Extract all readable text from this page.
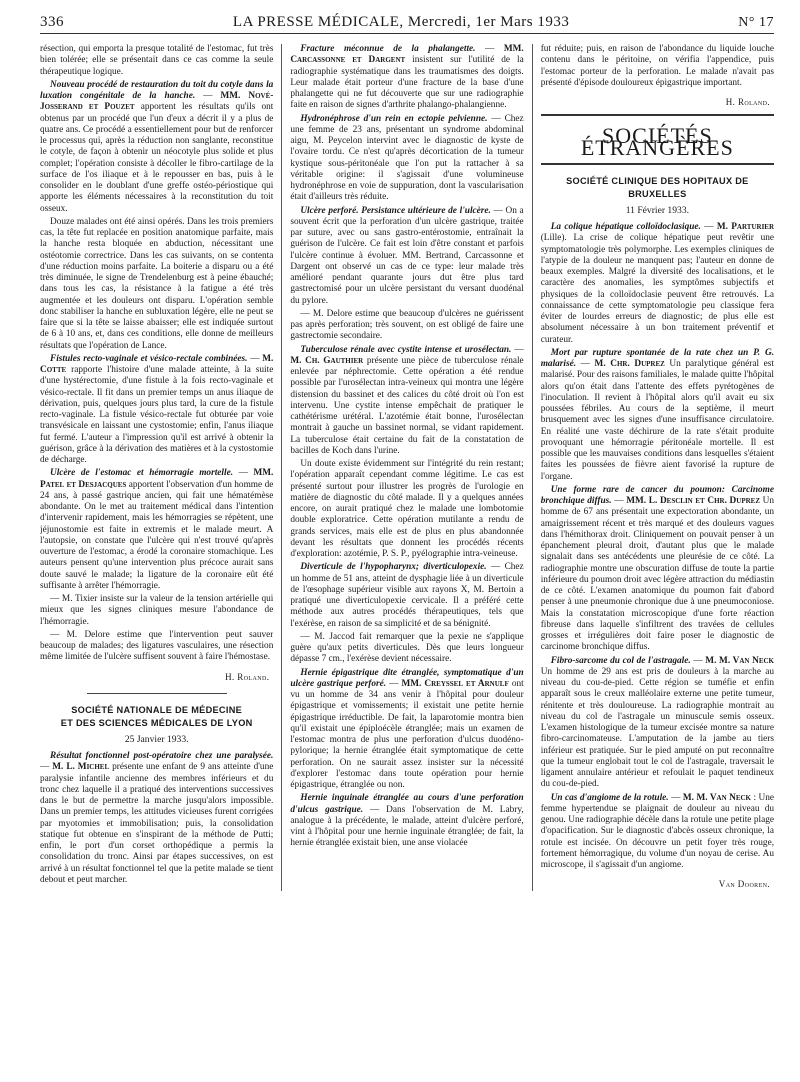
336	LA PRESSE MÉDICALE, Mercredi, 1er Mars 1933	N° 17

résection, qui emporta la presque totalité de l'estomac, fut très bien tolérée; elle se présentait dans ce cas comme la seule thérapeutique logique.

Nouveau procédé de restauration du toit du cotyle dans la luxation congénitale de la hanche. — MM. Nové-Josserand et Pouzet apportent les résultats qu'ils ont obtenus par un procédé que l'un d'eux a décrit il y a plus de quatre ans. Ce procédé a essentiellement pour but de renforcer le processus qui, après la réduction non sanglante, reconstitue le cotyle, de façon à obtenir un néocotyle plus solide et plus complet; l'opération consiste à décoller le fibro-cartilage de la surface de l'os iliaque et à le repousser en bas, puis à le consolider en le doublant d'une greffe ostéo-périostique qui apporte les éléments nécessaires à la reconstitution du toit osseux.

Douze malades ont été ainsi opérés. Dans les trois premiers cas, la tête fut replacée en position anatomique parfaite, mais la hanche resta bloquée en abduction, nécessitant une ostéotomie correctrice. Dans les cas suivants, on se contenta d'une réduction moins parfaite. La boiterie a disparu ou a été très diminuée, le signe de Trendelenburg est à peine ébauché; dans tous les cas, la résistance à la fatigue a été très augmentée et les douleurs ont disparu. L'opération semble donc stabiliser la hanche en subluxation légère, elle ne peut se faire que si la tête se laisse abaisser; elle est indiquée surtout de 6 à 10 ans, et, dans ces conditions, elle donne de meilleurs résultats que l'opération de Lance.

Fistules recto-vaginale et vésico-rectale combinées. — M. Cotte rapporte l'histoire d'une malade atteinte, à la suite d'une hystérectomie, d'une fistule à la fois recto-vaginale et vésico-rectale. Il fit dans un premier temps un anus iliaque de dérivation, puis, quelques jours plus tard, la cure de la fistule recto-vaginale. La fistule vésico-rectale fut obturée par voie transvésicale en laissant une cystostomie; enfin, l'anus iliaque fut fermé. L'auteur a l'impression qu'il est arrivé à obtenir la guérison, grâce à la dérivation des matières et à la cystostomie de décharge.

Ulcère de l'estomac et hémorragie mortelle. — MM. Patel et Desjacques apportent l'observation d'un homme de 24 ans, à passé gastrique ancien, qui fait une hématémèse abondante. On le met au traitement médical dans l'intention d'intervenir rapidement, mais les hémorragies se répètent, une jéjunostomie est faite in extremis et le malade meurt. A l'autopsie, on constate que l'ulcère qui n'est trouvé qu'après ouverture de l'estomac, a érodé la coronaire stomachique. Les auteurs pensent qu'une intervention plus précoce aurait sans doute sauvé le malade; la ligature de la coronaire eût été suffisante à arrêter l'hémorragie.

— M. Tixier insiste sur la valeur de la tension artérielle qui mieux que les signes cliniques mesure l'abondance de l'hémorragie.

— M. Delore estime que l'intervention peut sauver beaucoup de malades; des ligatures vasculaires, une résection même limitée de l'ulcère suffisent souvent à faire l'hémostase.

H. Roland.
SOCIÉTÉ NATIONALE DE MÉDECINE
ET DES SCIENCES MÉDICALES DE LYON
25 Janvier 1933.

Résultat fonctionnel post-opératoire chez une paralysée. — M. L. Michel présente une enfant de 9 ans atteinte d'une paralysie infantile ancienne des membres inférieurs et du tronc chez laquelle il a pratiqué des interventions successives dans le but de permettre la marche jusqu'alors impossible. Dans un premier temps, les attitudes vicieuses furent corrigées par myotomies et immobilisation; puis, la consolidation statique fut obtenue en s'inspirant de la méthode de Putti; enfin, le port d'un corset orthopédique a permis la consolidation du tronc. Ainsi par étapes successives, on est arrivé à un résultat fonctionnel tel que la petite malade se tient debout et peut marcher.

Fracture méconnue de la phalangette. — MM. Carcassonne et Dargent insistent sur l'utilité de la radiographie systématique dans les traumatismes des doigts. Leur malade était porteur d'une fracture de la base d'une phalangette qui ne fut découverte que sur une radiographie faite en raison de signes d'arthrite phalango-phalangienne.

Hydronéphrose d'un rein en ectopie pelvienne. — Chez une femme de 23 ans, présentant un syndrome abdominal aigu, M. Peycelon intervint avec le diagnostic de kyste de l'ovaire tordu. Ce n'est qu'après décortication de la tumeur kystique sous-péritonéale que l'on put la rattacher à sa véritable origine: il s'agissait d'une volumineuse hydronéphrose en voie de suppuration, dont la vascularisation était d'ailleurs très réduite.

Ulcère perforé. Persistance ultérieure de l'ulcère. — On a souvent écrit que la perforation d'un ulcère gastrique, traitée par suture, avec ou sans gastro-entérostomie, entraînait la guérison de l'ulcère. Ce fait est loin d'être constant et parfois l'ulcère continue à évoluer. MM. Bertrand, Carcassonne et Dargent ont observé un cas de ce type: leur malade très amélioré pendant quarante jours dut être plus tard gastrectomisé pour un ulcère persistant du versant duodénal du pylore.

— M. Delore estime que beaucoup d'ulcères ne guérissent pas après perforation; très souvent, on est obligé de faire une gastrectomie secondaire.

Tuberculose rénale avec cystite intense et urosélectan. — M. Ch. Gauthier présente une pièce de tuberculose rénale enlevée par néphrectomie. Cette opération a été rendue possible par l'urosélectan intra-veineux qui montra une légère distension du bassinet et des calices du côté droit où l'on est intervenu. Une cystite intense empêchait de pratiquer le cathétérisme urétéral. L'azotémie était bonne, l'urosélectan montrait à gauche un bassinet normal, se vidant rapidement. La tuberculose était certaine du fait de la constatation de bacilles de Koch dans l'urine.

Un doute existe évidemment sur l'intégrité du rein restant; l'opération apparaît cependant comme légitime. Le cas est présenté surtout pour illustrer les progrès de l'urologie en matière de diagnostic du côté malade. Il y a quelques années encore, on aurait pratiqué chez le malade une lombotomie double exploratrice. Cette opération mutilante a rendu de grands services, mais elle est de plus en plus abandonnée devant les résultats que donnent les procédés récents d'exploration: azotémie, P. S. P., pyélographie intra-veineuse.

Diverticule de l'hypopharynx; diverticulopexie. — Chez un homme de 51 ans, atteint de dysphagie liée à un diverticule de l'œsophage supérieur visible aux rayons X, M. Bertoin a pratiqué une diverticulopexie cervicale. Il a préféré cette méthode aux autres procédés thérapeutiques, tels que l'exérèse, en raison de sa simplicité et de sa bénignité.

— M. Jaccod fait remarquer que la pexie ne s'applique guère qu'aux petits diverticules. Dès que leurs longueur dépasse 7 cm., l'exérèse devient nécessaire.

Hernie épigastrique dite étranglée, symptomatique d'un ulcère gastrique perforé. — MM. Creyssel et Arnulf ont vu un homme de 34 ans venir à l'hôpital pour douleur épigastrique et vomissements; il existait une petite hernie épigastrique irréductible. De fait, la laparotomie montra bien qu'il existait une épiploécèle étranglée; mais un examen de l'estomac montra de plus une perforation d'ulcus duodéno-pylorique; la hernie étranglée était symptomatique de cette perforation. On ne saurait assez insister sur la nécessité d'explorer l'estomac dans toute opération pour hernie épigastrique, étranglée ou non.

Hernie inguinale étranglée au cours d'une perforation d'ulcus gastrique. — Dans l'observation de M. Labry, analogue à la précédente, le malade, atteint d'ulcère perforé, vint à l'hôpital pour une hernie inguinale étranglée; de fait, la hernie étranglée existait bien, une anse violacée

fut réduite; puis, en raison de l'abondance du liquide louche contenu dans le péritoine, on vérifia l'appendice, puis l'estomac porteur de la perforation. Le malade n'avait pas présenté d'épisode douloureux épigastrique important.

H. Roland.
SOCIÉTÉS ÉTRANGÈRES
SOCIÉTÉ CLINIQUE DES HOPITAUX DE BRUXELLES
11 Février 1933.

La colique hépatique colloïdoclasique. — M. Parturier (Lille). La crise de colique hépatique peut revêtir une symptomatologie très polymorphe. Les exemples cliniques de l'atypie de la douleur ne manquent pas; l'auteur en donne de beaux exemples. Malgré la diversité des localisations, et le caractère des anomalies, les symptômes subjectifs et physiques de la colloïdoclasie peuvent être retrouvés. La connaissance de cette symptomatologie peu classique fera éviter de lourdes erreurs de diagnostic; de plus elle est absolument nécessaire à un bon traitement préventif et curateur.

Mort par rupture spontanée de la rate chez un P. G. malarisé. — M. Chr. Duprez Un paralytique général est malarisé. Pour des raisons familiales, le malade quitte l'hôpital alors qu'on était dans l'attente des effets pyrétogènes de l'inoculation. Il revient à l'hôpital alors qu'il avait eu six poussées fébriles. Au cours de la septième, il meurt brusquement avec les signes d'une insuffisance circulatoire. En réalité une vaste déchirure de la rate s'était produite provoquant une hémorragie péritonéale mortelle. Il est possible que les mauvaises conditions dans lesquelles s'étaient faites les poussées de fièvre aient favorisé la rupture de l'organe.

Une forme rare de cancer du poumon: Carcinome bronchique diffus. — MM. L. Desclin et Chr. Duprez Un homme de 67 ans présentait une expectoration abondante, un amaigrissement récent et très marqué et des douleurs vagues dans l'hémithorax droit. Cliniquement on pouvait penser à un épanchement pleural droit, d'autant plus que le malade signalait dans ses antécédents une pleurésie de ce côté. La radiographie montre une obscuration diffuse de toute la partie inférieure du poumon droit avec légère attraction du médiastin de ce côté. L'examen anatomique du poumon fait d'abord penser à une pneumonie chronique due à une pneumoconiose. Mais la constatation microscopique d'une forte réaction fibreuse dans laquelle s'infiltrent des travées de cellules grosses et irrégulières doit faire poser le diagnostic de carcinome bronchique diffus.

Fibro-sarcome du col de l'astragale. — M. M. Van Neck Un homme de 29 ans est pris de douleurs à la marche au niveau du cou-de-pied. Cette région se tuméfie et enfin apparaît sous le creux malléolaire externe une petite tumeur, rénitente et très douloureuse. La radiographie montrait au niveau du col de l'astragale un minuscule semis osseux. L'examen histologique de la tumeur excisée montre sa nature fibro-carcinomateuse. L'amputation de la jambe au tiers inférieur est pratiquée. Sur le pied amputé on put reconnaître que la tumeur englobait tout le col de l'astragale, traversait le ligament annulaire antérieur et refoulait le paquet tendineux du cou-de-pied.

Un cas d'angiome de la rotule. — M. M. Van Neck : Une femme hypertendue se plaignait de douleur au niveau du genou. Une radiographie décèle dans la rotule une petite plage d'opacification. Sur le diagnostic d'abcès osseux chronique, la rotule est incisée. On découvre un petit foyer très rouge, fortement hémorragique, du volume d'un noyau de cerise. Au microscope, il s'agissait d'un angiome.

Van Dooren.
